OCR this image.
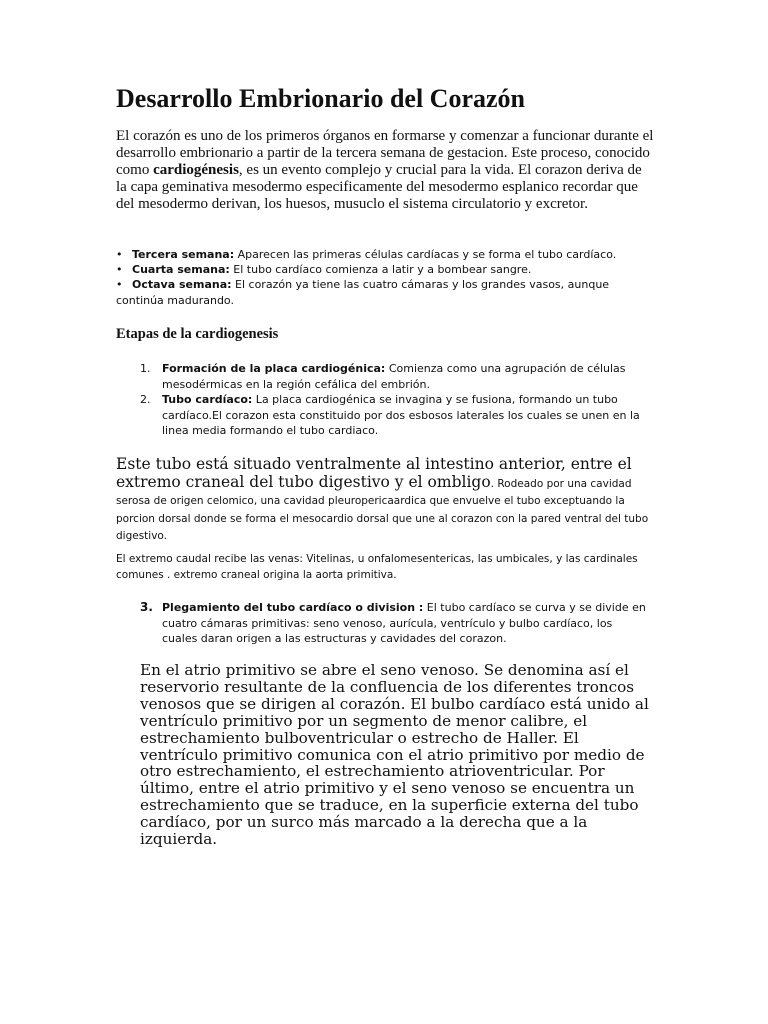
Desarrollo Embrionario del Corazón

El corazón es uno de los primeros órganos en formarse y comenzar a funcionar durante el desarrollo embrionario a partir de la tercera semana de gestacion. Este proceso, conocido como cardiogénesis, es un evento complejo y crucial para la vida. El corazon deriva de la capa geminativa mesodermo especificamente del mesodermo esplanico recordar que del mesodermo derivan, los huesos, musuclo el sistema circulatorio y excretor.

• Tercera semana: Aparecen las primeras células cardíacas y se forma el tubo cardíaco.
• Cuarta semana: El tubo cardíaco comienza a latir y a bombear sangre.
• Octava semana: El corazón ya tiene las cuatro cámaras y los grandes vasos, aunque continúa madurando.
Etapas de la cardiogenesis
1. Formación de la placa cardiogénica: Comienza como una agrupación de células mesodérmicas en la región cefálica del embrión.
2. Tubo cardíaco: La placa cardiogénica se invagina y se fusiona, formando un tubo cardíaco.El corazon esta constituido por dos esbosos laterales los cuales se unen en la linea media formando el tubo cardiaco.

Este tubo está situado ventralmente al intestino anterior, entre el extremo craneal del tubo digestivo y el ombligo. Rodeado por una cavidad serosa de origen celomico, una cavidad pleuropericaardica que envuelve el tubo exceptuando la porcion dorsal donde se forma el mesocardio dorsal que une al corazon con la pared ventral del tubo digestivo.

El extremo caudal recibe las venas: Vitelinas, u onfalomesentericas, las umbicales, y las cardinales comunes . extremo craneal origina la aorta primitiva.

3. Plegamiento del tubo cardíaco o division : El tubo cardíaco se curva y se divide en cuatro cámaras primitivas: seno venoso, aurícula, ventrículo y bulbo cardíaco, los cuales daran origen a las estructuras y cavidades del corazon.

En el atrio primitivo se abre el seno venoso. Se denomina así el reservorio resultante de la confluencia de los diferentes troncos venosos que se dirigen al corazón. El bulbo cardíaco está unido al ventrículo primitivo por un segmento de menor calibre, el estrechamiento bulboventricular o estrecho de Haller. El ventrículo primitivo comunica con el atrio primitivo por medio de otro estrechamiento, el estrechamiento atrioventricular. Por último, entre el atrio primitivo y el seno venoso se encuentra un estrechamiento que se traduce, en la superficie externa del tubo cardíaco, por un surco más marcado a la derecha que a la izquierda.
